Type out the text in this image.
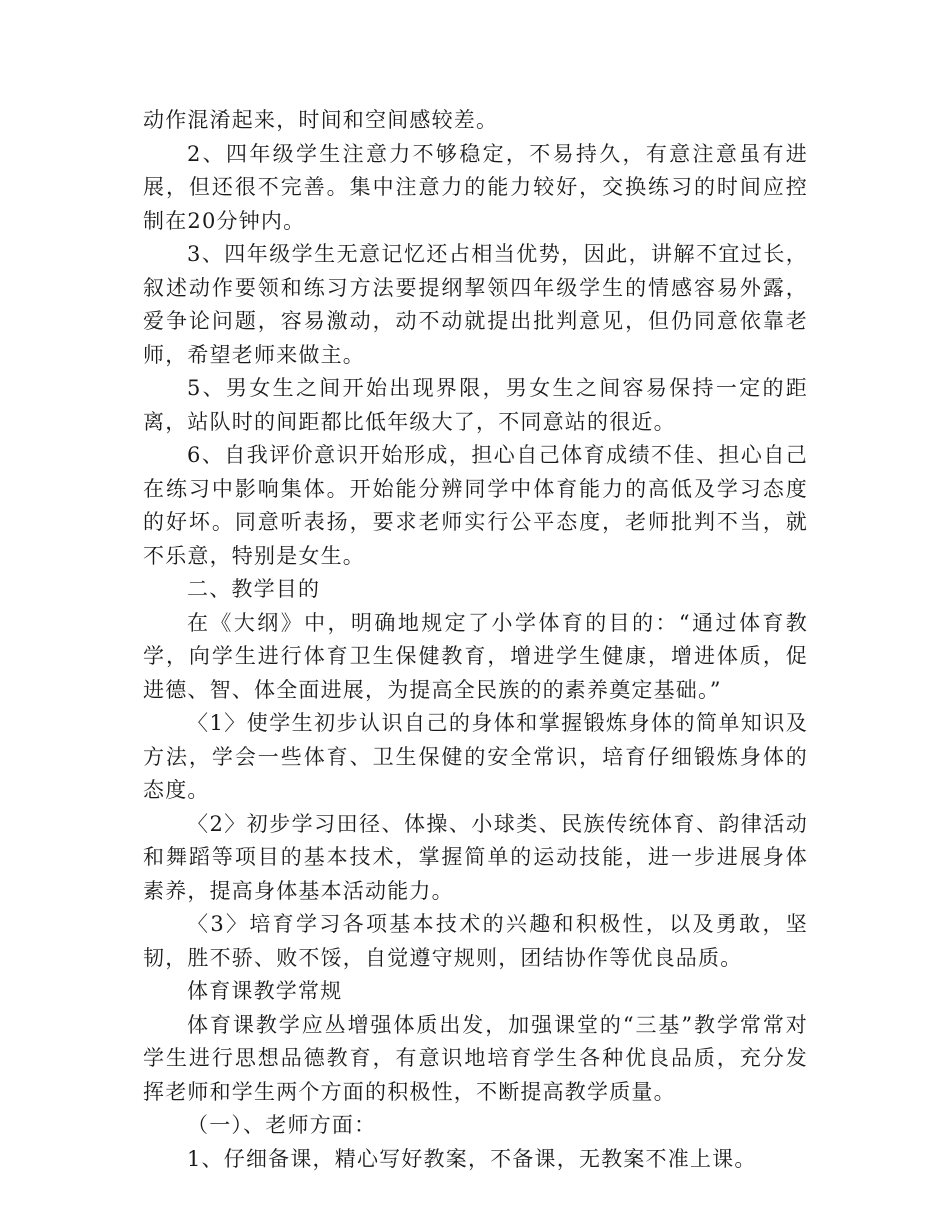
动作混淆起来，时间和空间感较差。

2、四年级学生注意力不够稳定，不易持久，有意注意虽有进展，但还很不完善。集中注意力的能力较好，交换练习的时间应控制在20分钟内。

3、四年级学生无意记忆还占相当优势，因此，讲解不宜过长，叙述动作要领和练习方法要提纲挈领四年级学生的情感容易外露，爱争论问题，容易激动，动不动就提出批判意见，但仍同意依靠老师，希望老师来做主。

5、男女生之间开始出现界限，男女生之间容易保持一定的距离，站队时的间距都比低年级大了，不同意站的很近。

6、自我评价意识开始形成，担心自己体育成绩不佳、担心自己在练习中影响集体。开始能分辨同学中体育能力的高低及学习态度的好坏。同意听表扬，要求老师实行公平态度，老师批判不当，就不乐意，特别是女生。

二、教学目的

在《大纲》中，明确地规定了小学体育的目的：“通过体育教学，向学生进行体育卫生保健教育，增进学生健康，增进体质，促进德、智、体全面进展，为提高全民族的的素养奠定基础。”

〈1〉使学生初步认识自己的身体和掌握锻炼身体的简单知识及方法，学会一些体育、卫生保健的安全常识，培育仔细锻炼身体的态度。

〈2〉初步学习田径、体操、小球类、民族传统体育、韵律活动和舞蹈等项目的基本技术，掌握简单的运动技能，进一步进展身体素养，提高身体基本活动能力。

〈3〉培育学习各项基本技术的兴趣和积极性，以及勇敢，坚韧，胜不骄、败不馁，自觉遵守规则，团结协作等优良品质。

体育课教学常规

体育课教学应丛增强体质出发，加强课堂的“三基”教学常常对学生进行思想品德教育，有意识地培育学生各种优良品质，充分发挥老师和学生两个方面的积极性，不断提高教学质量。

（一）、老师方面：

1、仔细备课，精心写好教案，不备课，无教案不准上课。
